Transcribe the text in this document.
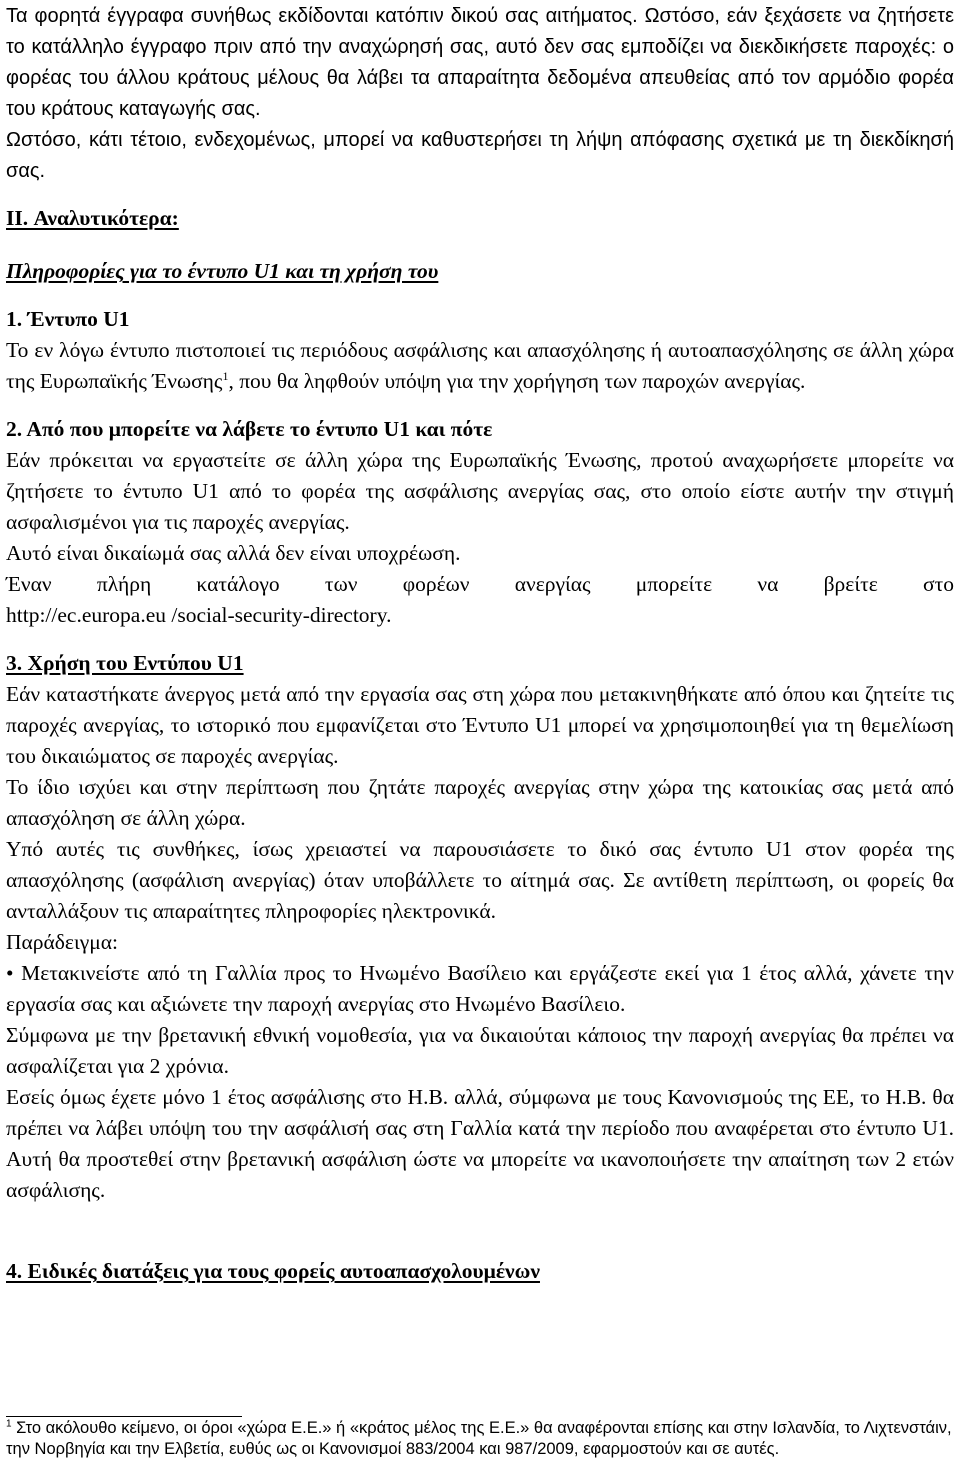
Τα φορητά έγγραφα συνήθως εκδίδονται κατόπιν δικού σας αιτήματος. Ωστόσο, εάν ξεχάσετε να ζητήσετε το κατάλληλο έγγραφο πριν από την αναχώρησή σας, αυτό δεν σας εμποδίζει να διεκδικήσετε παροχές: ο φορέας του άλλου κράτους μέλους θα λάβει τα απαραίτητα δεδομένα απευθείας από τον αρμόδιο φορέα του κράτους καταγωγής σας.

Ωστόσο, κάτι τέτοιο, ενδεχομένως, μπορεί να καθυστερήσει τη λήψη απόφασης σχετικά με τη διεκδίκησή σας.

II. Αναλυτικότερα:

Πληροφορίες για το έντυπο U1 και τη χρήση του

1. Έντυπο U1

Το εν λόγω έντυπο πιστοποιεί τις περιόδους ασφάλισης και απασχόλησης ή αυτοαπασχόλησης σε άλλη χώρα της Ευρωπαϊκής Ένωσης$^1$, που θα ληφθούν υπόψη για την χορήγηση των παροχών ανεργίας.

2. Από που μπορείτε να λάβετε το έντυπο U1 και πότε

Εάν πρόκειται να εργαστείτε σε άλλη χώρα της Ευρωπαϊκής Ένωσης, προτού αναχωρήσετε μπορείτε να ζητήσετε το έντυπο U1 από το φορέα της ασφάλισης ανεργίας σας, στο οποίο είστε αυτήν την στιγμή ασφαλισμένοι για τις παροχές ανεργίας.

Αυτό είναι δικαίωμά σας αλλά δεν είναι υποχρέωση.

Έναν πλήρη κατάλογο των φορέων ανεργίας μπορείτε να βρείτε στο

http://ec.europa.eu /social-security-directory.

3. Χρήση του Εντύπου U1

Εάν καταστήκατε άνεργος μετά από την εργασία σας στη χώρα που μετακινηθήκατε από όπου και ζητείτε τις παροχές ανεργίας, το ιστορικό που εμφανίζεται στο Έντυπο U1 μπορεί να χρησιμοποιηθεί για τη θεμελίωση του δικαιώματος σε παροχές ανεργίας.

Το ίδιο ισχύει και στην περίπτωση που ζητάτε παροχές ανεργίας στην χώρα της κατοικίας σας μετά από απασχόληση σε άλλη χώρα.

Υπό αυτές τις συνθήκες, ίσως χρειαστεί να παρουσιάσετε το δικό σας έντυπο U1 στον φορέα της απασχόλησης (ασφάλιση ανεργίας) όταν υποβάλλετε το αίτημά σας. Σε αντίθετη περίπτωση, οι φορείς θα ανταλλάξουν τις απαραίτητες πληροφορίες ηλεκτρονικά.

Παράδειγμα:

• Μετακινείστε από τη Γαλλία προς το Ηνωμένο Βασίλειο και εργάζεστε εκεί για 1 έτος αλλά, χάνετε την εργασία σας και αξιώνετε την παροχή ανεργίας στο Ηνωμένο Βασίλειο.

Σύμφωνα με την βρετανική εθνική νομοθεσία, για να δικαιούται κάποιος την παροχή ανεργίας θα πρέπει να ασφαλίζεται για 2 χρόνια.

Εσείς όμως έχετε μόνο 1 έτος ασφάλισης στο Η.Β. αλλά, σύμφωνα με τους Κανονισμούς της ΕΕ, το Η.Β. θα πρέπει να λάβει υπόψη του την ασφάλισή σας στη Γαλλία κατά την περίοδο που αναφέρεται στο έντυπο U1. Αυτή θα προστεθεί στην βρετανική ασφάλιση ώστε να μπορείτε να ικανοποιήσετε την απαίτηση των 2 ετών ασφάλισης.

4. Ειδικές διατάξεις για τους φορείς αυτοαπασχολουμένων

$^1$ Στο ακόλουθο κείμενο, οι όροι «χώρα Ε.Ε.» ή «κράτος μέλος της Ε.Ε.» θα αναφέρονται επίσης και στην Ισλανδία, το Λιχτενστάιν, την Νορβηγία και την Ελβετία, ευθύς ως οι Κανονισμοί 883/2004 και 987/2009, εφαρμοστούν και σε αυτές.
